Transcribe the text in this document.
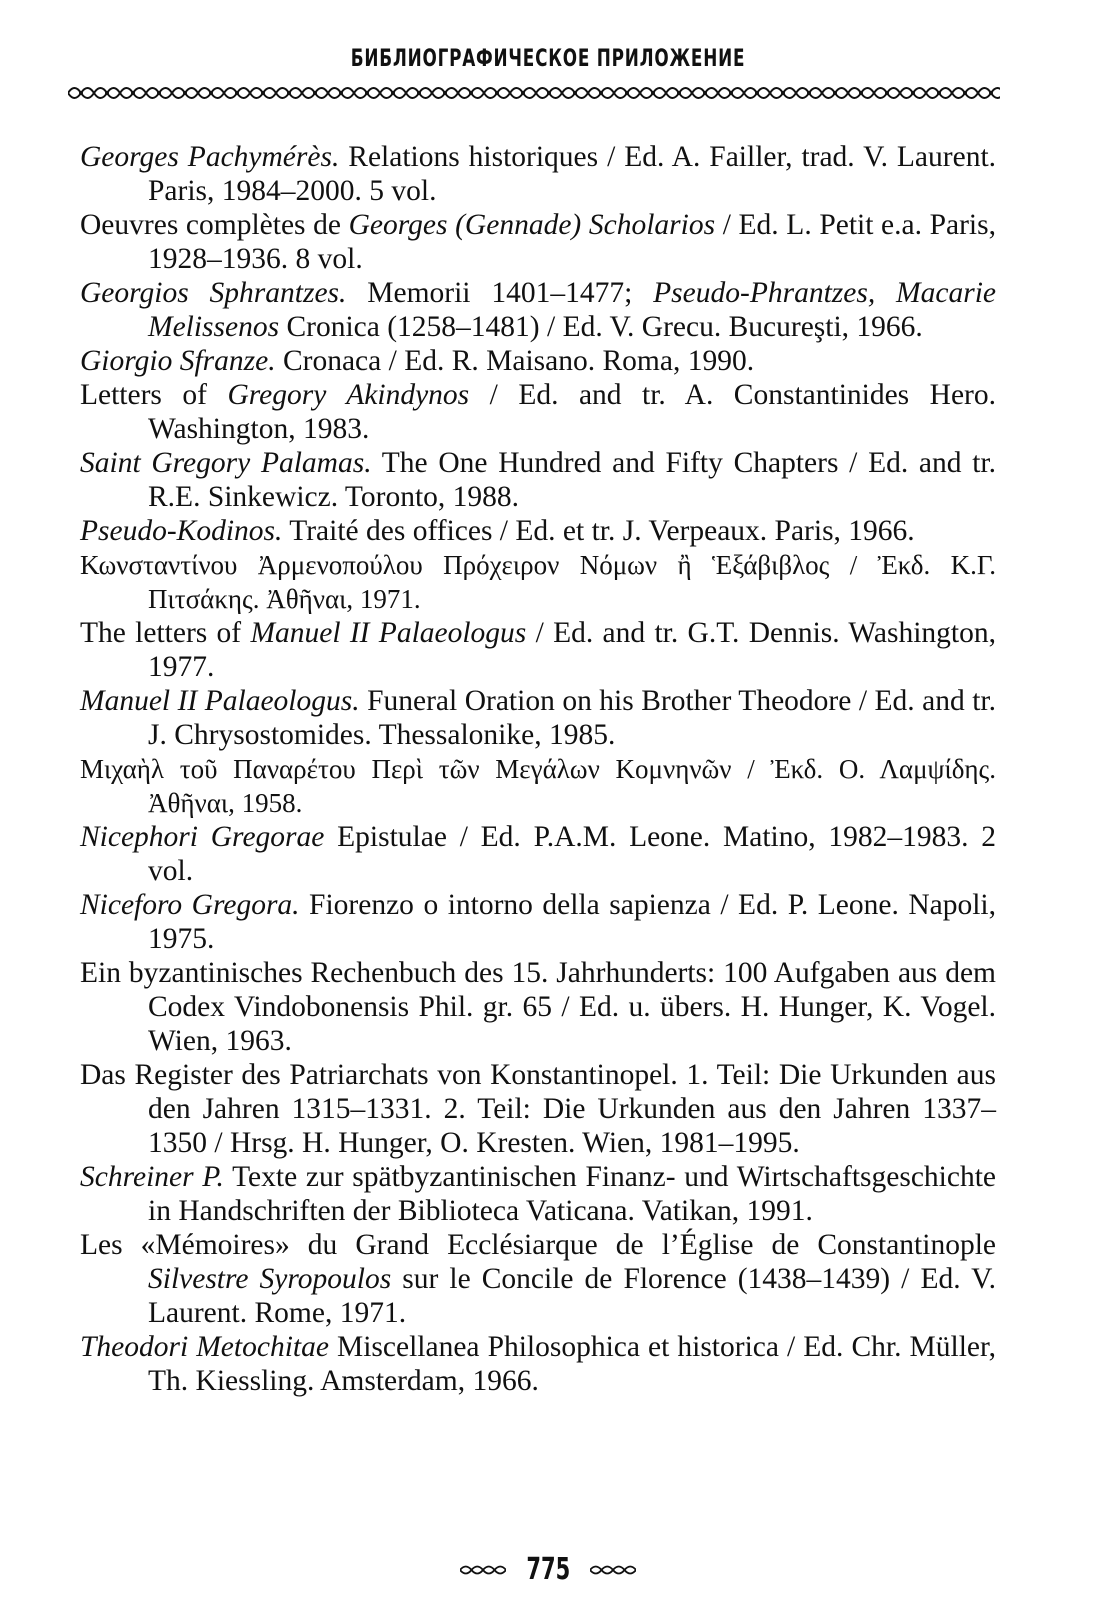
БИБЛИОГРАФИЧЕСКОЕ ПРИЛОЖЕНИЕ

Georges Pachymérès. Relations historiques / Ed. A. Failler, trad. V. Laurent. Paris, 1984–2000. 5 vol.

Oeuvres complètes de Georges (Gennade) Scholarios / Ed. L. Petit e.a. Paris, 1928–1936. 8 vol.

Georgios Sphrantzes. Memorii 1401–1477; Pseudo-Phrantzes, Macarie Melissenos Cronica (1258–1481) / Ed. V. Grecu. Bucureşti, 1966.

Giorgio Sfranze. Cronaca / Ed. R. Maisano. Roma, 1990.

Letters of Gregory Akindynos / Ed. and tr. A. Constantinides Hero. Washington, 1983.

Saint Gregory Palamas. The One Hundred and Fifty Chapters / Ed. and tr. R.E. Sinkewicz. Toronto, 1988.

Pseudo-Kodinos. Traité des offices / Ed. et tr. J. Verpeaux. Paris, 1966.

Κωνσταντίνου Ἀρμενοπούλου Πρόχειρον Νόμων ἢ Ἑξάβιβλος / Ἐκδ. Κ.Γ. Πιτσάκης. Ἀθῆναι, 1971.

The letters of Manuel II Palaeologus / Ed. and tr. G.T. Dennis. Washington, 1977.

Manuel II Palaeologus. Funeral Oration on his Brother Theodore / Ed. and tr. J. Chrysostomides. Thessalonike, 1985.

Μιχαὴλ τοῦ Παναρέτου Περὶ τῶν Μεγάλων Κομνηνῶν / Ἐκδ. Ο. Λαμψίδης. Ἀθῆναι, 1958.

Nicephori Gregorae Epistulae / Ed. P.A.M. Leone. Matino, 1982–1983. 2 vol.

Niceforo Gregora. Fiorenzo o intorno della sapienza / Ed. P. Leone. Napoli, 1975.

Ein byzantinisches Rechenbuch des 15. Jahrhunderts: 100 Aufgaben aus dem Codex Vindobonensis Phil. gr. 65 / Ed. u. übers. H. Hunger, K. Vogel. Wien, 1963.

Das Register des Patriarchats von Konstantinopel. 1. Teil: Die Urkunden aus den Jahren 1315–1331. 2. Teil: Die Urkunden aus den Jahren 1337–1350 / Hrsg. H. Hunger, O. Kresten. Wien, 1981–1995.

Schreiner P. Texte zur spätbyzantinischen Finanz- und Wirtschaftsgeschichte in Handschriften der Biblioteca Vaticana. Vatikan, 1991.

Les «Mémoires» du Grand Ecclésiarque de l’Église de Constantinople Silvestre Syropoulos sur le Concile de Florence (1438–1439) / Ed. V. Laurent. Rome, 1971.

Theodori Metochitae Miscellanea Philosophica et historica / Ed. Chr. Müller, Th. Kiessling. Amsterdam, 1966.

775
